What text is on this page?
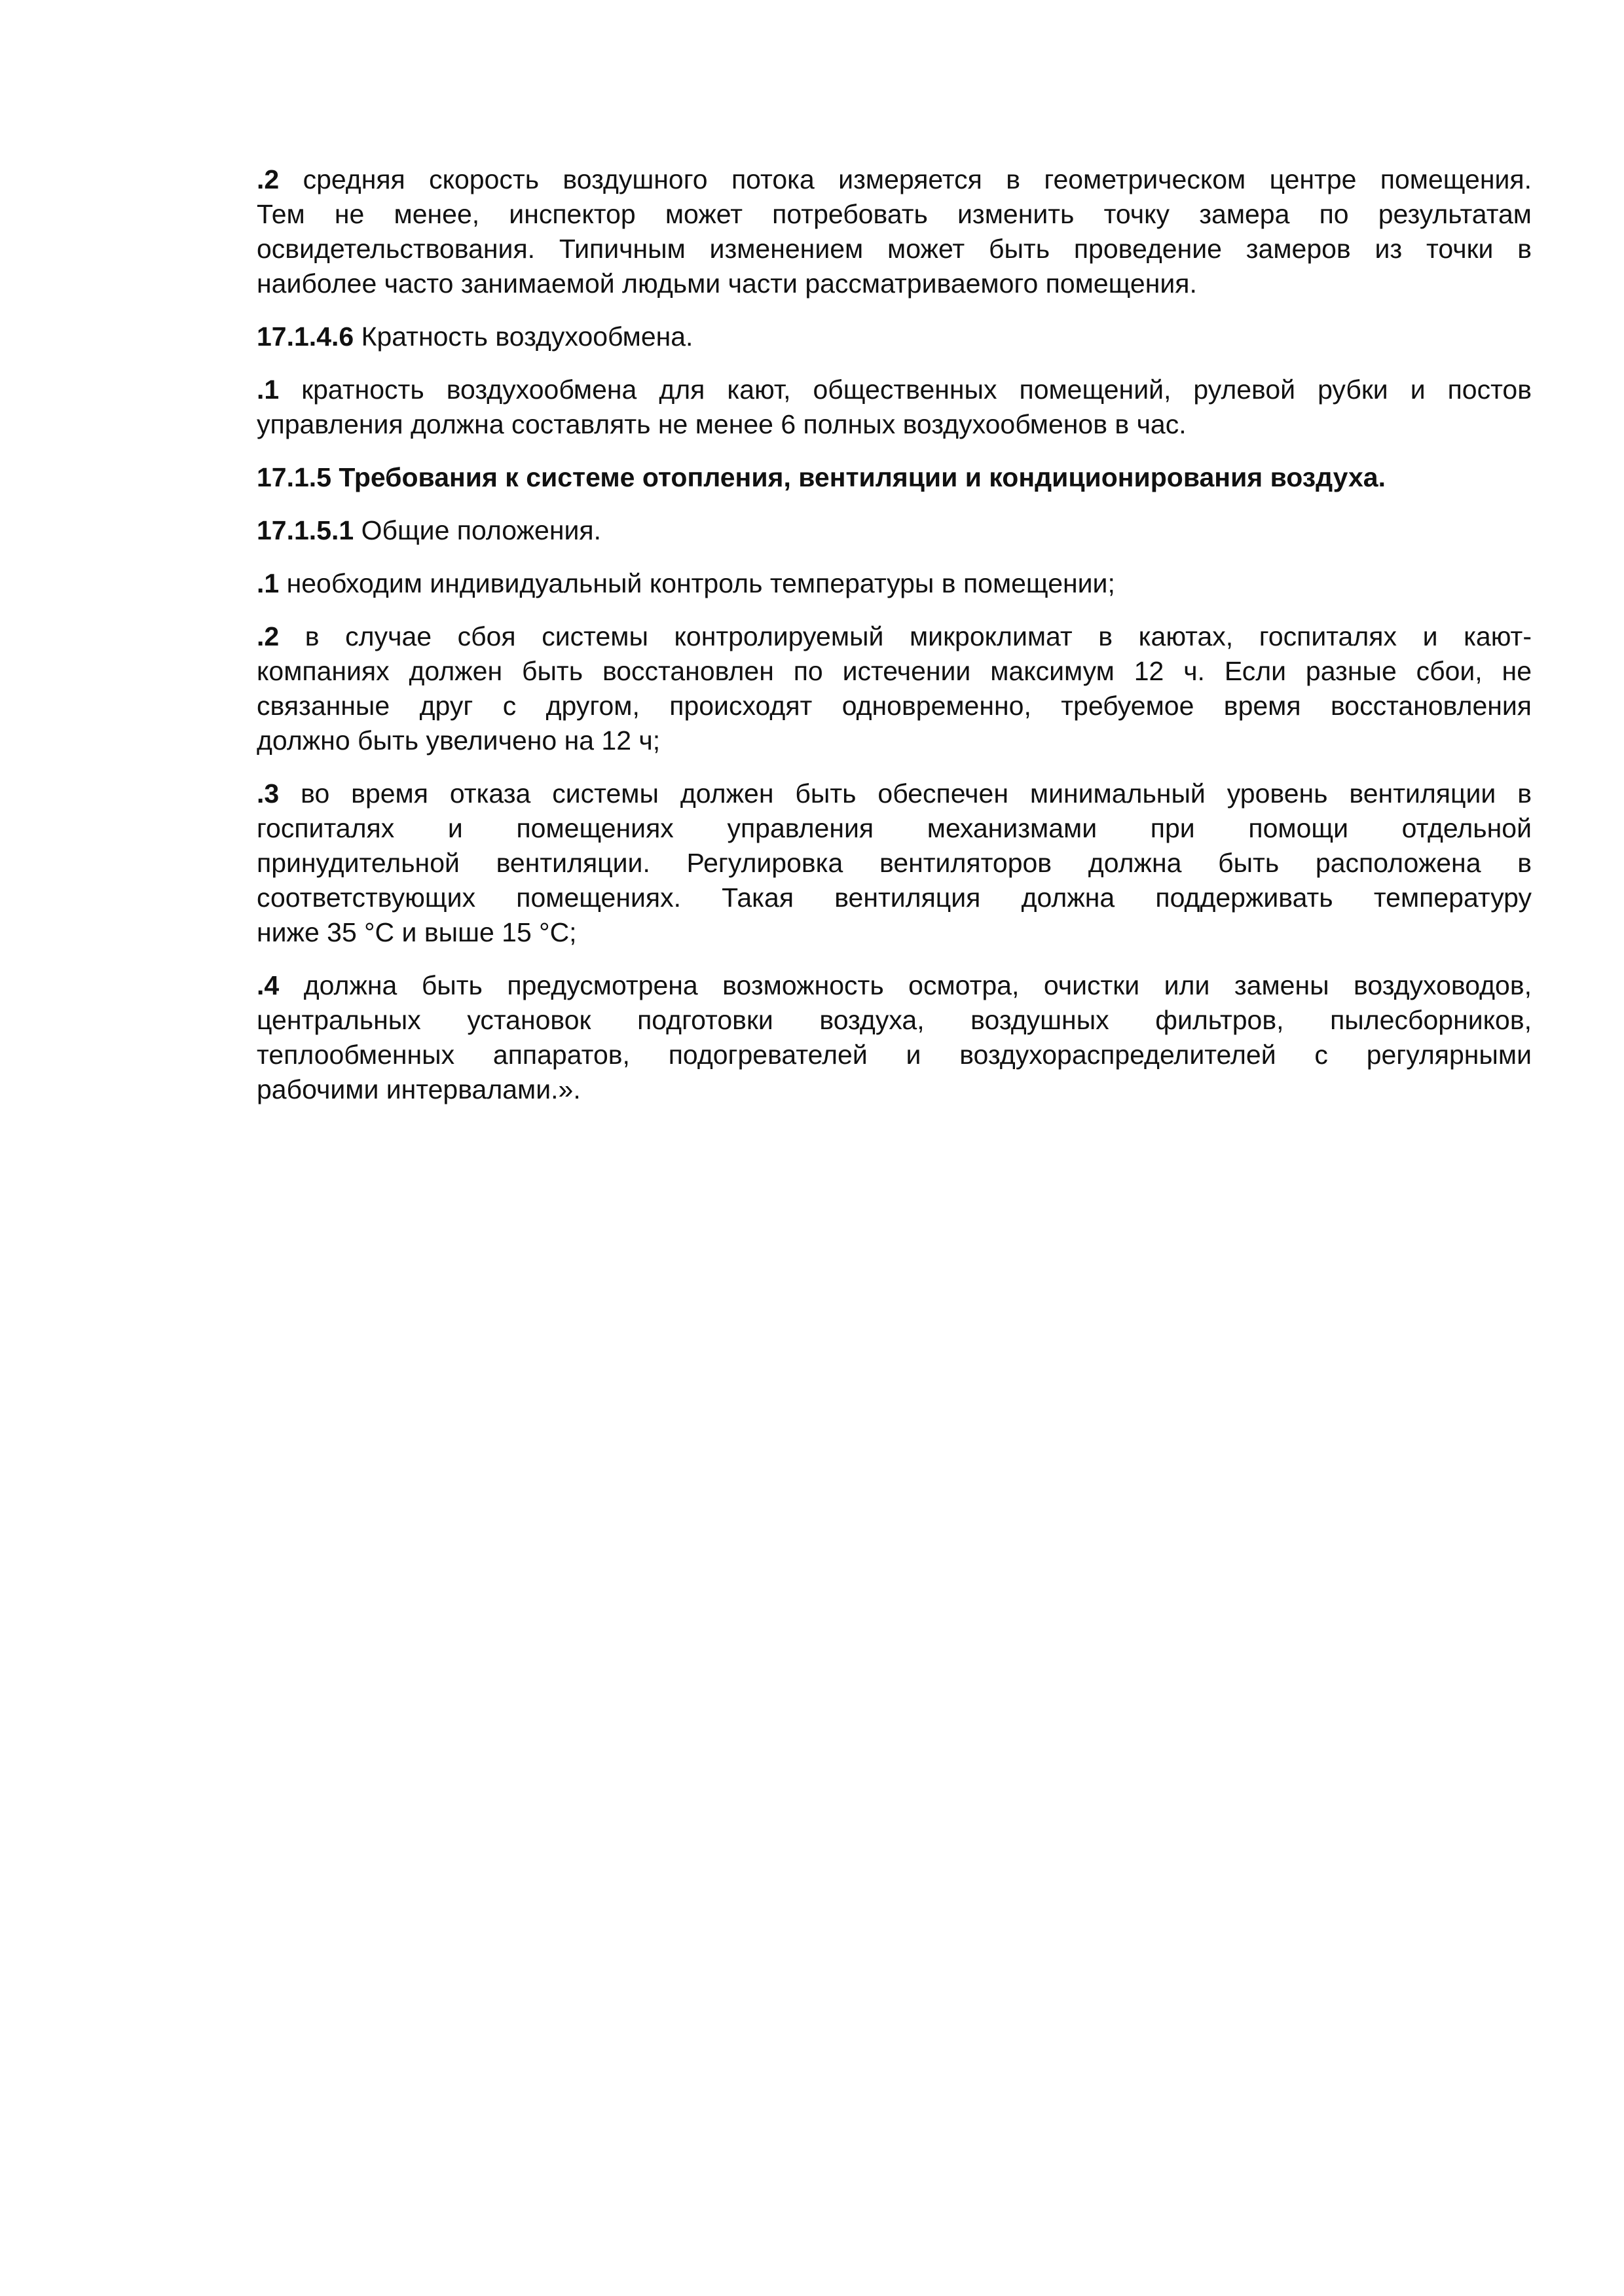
.2 средняя скорость воздушного потока измеряется в геометрическом центре помещения.
Тем не менее, инспектор может потребовать изменить точку замера по результатам
освидетельствования. Типичным изменением может быть проведение замеров из точки в
наиболее часто занимаемой людьми части рассматриваемого помещения.

17.1.4.6 Кратность воздухообмена.

.1 кратность воздухообмена для кают, общественных помещений, рулевой рубки и постов
управления должна составлять не менее 6 полных воздухообменов в час.

17.1.5 Требования к системе отопления, вентиляции и кондиционирования воздуха.

17.1.5.1 Общие положения.

.1 необходим индивидуальный контроль температуры в помещении;

.2 в случае сбоя системы контролируемый микроклимат в каютах, госпиталях и кают-
компаниях должен быть восстановлен по истечении максимум 12 ч. Если разные сбои, не
связанные друг с другом, происходят одновременно, требуемое время восстановления
должно быть увеличено на 12 ч;

.3 во время отказа системы должен быть обеспечен минимальный уровень вентиляции в
госпиталях и помещениях управления механизмами при помощи отдельной
принудительной вентиляции. Регулировка вентиляторов должна быть расположена в
соответствующих помещениях. Такая вентиляция должна поддерживать температуру
ниже 35 °С и выше 15 °С;

.4 должна быть предусмотрена возможность осмотра, очистки или замены воздуховодов,
центральных установок подготовки воздуха, воздушных фильтров, пылесборников,
теплообменных аппаратов, подогревателей и воздухораспределителей с регулярными
рабочими интервалами.».
